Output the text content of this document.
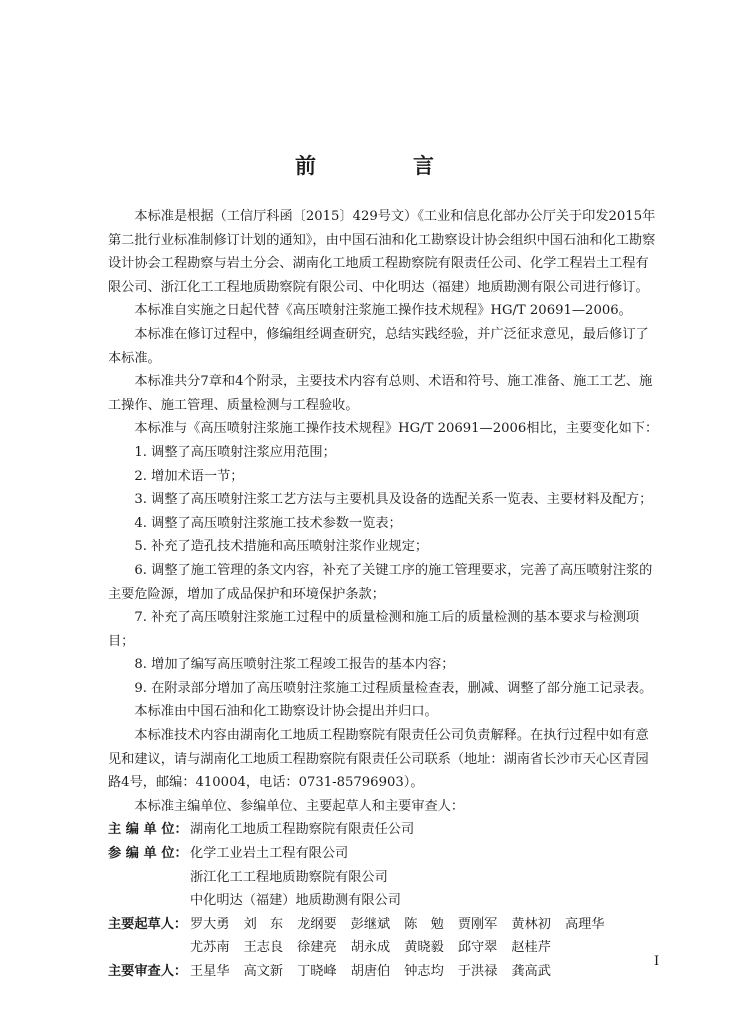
前　言

本标准是根据（工信厅科函〔2015〕429号文）《工业和信息化部办公厅关于印发2015年第二批行业标准制修订计划的通知》，由中国石油和化工勘察设计协会组织中国石油和化工勘察设计协会工程勘察与岩土分会、湖南化工地质工程勘察院有限责任公司、化学工程岩土工程有限公司、浙江化工工程地质勘察院有限公司、中化明达（福建）地质勘测有限公司进行修订。

本标准自实施之日起代替《高压喷射注浆施工操作技术规程》HG/T 20691—2006。

本标准在修订过程中，修编组经调查研究，总结实践经验，并广泛征求意见，最后修订了本标准。

本标准共分7章和4个附录，主要技术内容有总则、术语和符号、施工准备、施工工艺、施工操作、施工管理、质量检测与工程验收。

本标准与《高压喷射注浆施工操作技术规程》HG/T 20691—2006相比，主要变化如下：

1. 调整了高压喷射注浆应用范围；

2. 增加术语一节；

3. 调整了高压喷射注浆工艺方法与主要机具及设备的选配关系一览表、主要材料及配方；

4. 调整了高压喷射注浆施工技术参数一览表；

5. 补充了造孔技术措施和高压喷射注浆作业规定；

6. 调整了施工管理的条文内容，补充了关键工序的施工管理要求，完善了高压喷射注浆的主要危险源，增加了成品保护和环境保护条款；

7. 补充了高压喷射注浆施工过程中的质量检测和施工后的质量检测的基本要求与检测项目；

8. 增加了编写高压喷射注浆工程竣工报告的基本内容；

9. 在附录部分增加了高压喷射注浆施工过程质量检查表，删减、调整了部分施工记录表。

本标准由中国石油和化工勘察设计协会提出并归口。

本标准技术内容由湖南化工地质工程勘察院有限责任公司负责解释。在执行过程中如有意见和建议，请与湖南化工地质工程勘察院有限责任公司联系（地址：湖南省长沙市天心区青园路4号，邮编：410004，电话：0731-85796903）。

本标准主编单位、参编单位、主要起草人和主要审查人：

主 编 单 位： 湖南化工地质工程勘察院有限责任公司
参 编 单 位： 化学工业岩土工程有限公司
浙江化工工程地质勘察院有限公司
中化明达（福建）地质勘测有限公司
主要起草人： 罗大勇 刘　东 龙纲要 彭继斌 陈　勉 贾刚军 黄林初 高理华
尤苏南 王志良 徐建亮 胡永成 黄晓毅 邱守翠 赵桂芹
主要审查人： 王星华 高文新 丁晓峰 胡唐伯 钟志均 于洪禄 龚高武
I
